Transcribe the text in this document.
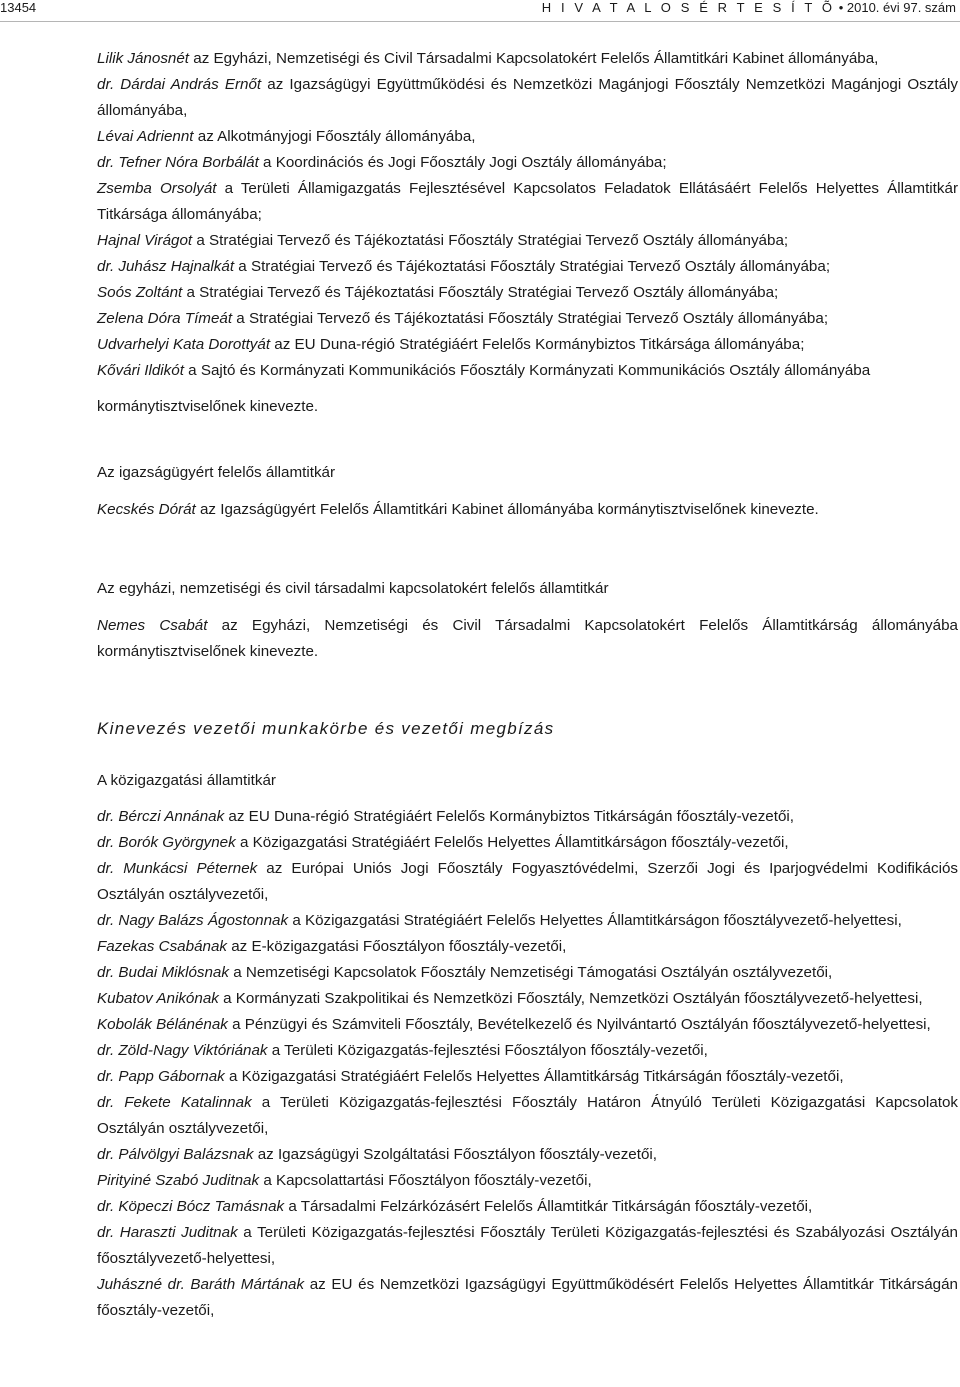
13454	H I V A T A L O S É R T E S Í T Õ • 2010. évi 97. szám

Lilik Jánosnét az Egyházi, Nemzetiségi és Civil Társadalmi Kapcsolatokért Felelős Államtitkári Kabinet állományába,

dr. Dárdai András Ernőt az Igazságügyi Együttműködési és Nemzetközi Magánjogi Főosztály Nemzetközi Magánjogi Osztály állományába,

Lévai Adriennt az Alkotmányjogi Főosztály állományába,

dr. Tefner Nóra Borbálát a Koordinációs és Jogi Főosztály Jogi Osztály állományába;

Zsemba Orsolyát a Területi Államigazgatás Fejlesztésével Kapcsolatos Feladatok Ellátásáért Felelős Helyettes Államtitkár Titkársága állományába;

Hajnal Virágot a Stratégiai Tervező és Tájékoztatási Főosztály Stratégiai Tervező Osztály állományába;

dr. Juhász Hajnalkát a Stratégiai Tervező és Tájékoztatási Főosztály Stratégiai Tervező Osztály állományába;

Soós Zoltánt a Stratégiai Tervező és Tájékoztatási Főosztály Stratégiai Tervező Osztály állományába;

Zelena Dóra Tímeát a Stratégiai Tervező és Tájékoztatási Főosztály Stratégiai Tervező Osztály állományába;

Udvarhelyi Kata Dorottyát az EU Duna-régió Stratégiáért Felelős Kormánybiztos Titkársága állományába;

Kővári Ildikót a Sajtó és Kormányzati Kommunikációs Főosztály Kormányzati Kommunikációs Osztály állományába

kormánytisztviselőnek kinevezte.

Az igazságügyért felelős államtitkár

Kecskés Dórát az Igazságügyért Felelős Államtitkári Kabinet állományába kormánytisztviselőnek kinevezte.

Az egyházi, nemzetiségi és civil társadalmi kapcsolatokért felelős államtitkár

Nemes Csabát az Egyházi, Nemzetiségi és Civil Társadalmi Kapcsolatokért Felelős Államtitkárság állományába kormánytisztviselőnek kinevezte.

Kinevezés vezetői munkakörbe és vezetői megbízás

A közigazgatási államtitkár

dr. Bérczi Annának az EU Duna-régió Stratégiáért Felelős Kormánybiztos Titkárságán főosztály-vezetői,

dr. Borók Györgynek a Közigazgatási Stratégiáért Felelős Helyettes Államtitkárságon főosztály-vezetői,

dr. Munkácsi Péternek az Európai Uniós Jogi Főosztály Fogyasztóvédelmi, Szerzői Jogi és Iparjogvédelmi Kodifikációs Osztályán osztályvezetői,

dr. Nagy Balázs Ágostonnak a Közigazgatási Stratégiáért Felelős Helyettes Államtitkárságon főosztályvezető-helyettesi,

Fazekas Csabának az E-közigazgatási Főosztályon főosztály-vezetői,

dr. Budai Miklósnak a Nemzetiségi Kapcsolatok Főosztály Nemzetiségi Támogatási Osztályán osztályvezetői,

Kubatov Anikónak a Kormányzati Szakpolitikai és Nemzetközi Főosztály, Nemzetközi Osztályán főosztályvezető-helyettesi,

Kobolák Bélánénak a Pénzügyi és Számviteli Főosztály, Bevételkezelő és Nyilvántartó Osztályán főosztályvezető-helyettesi,

dr. Zöld-Nagy Viktóriának a Területi Közigazgatás-fejlesztési Főosztályon főosztály-vezetői,

dr. Papp Gábornak a Közigazgatási Stratégiáért Felelős Helyettes Államtitkárság Titkárságán főosztály-vezetői,

dr. Fekete Katalinnak a Területi Közigazgatás-fejlesztési Főosztály Határon Átnyúló Területi Közigazgatási Kapcsolatok Osztályán osztályvezetői,

dr. Pálvölgyi Balázsnak az Igazságügyi Szolgáltatási Főosztályon főosztály-vezetői,

Pirityiné Szabó Juditnak a Kapcsolattartási Főosztályon főosztály-vezetői,

dr. Köpeczi Bócz Tamásnak a Társadalmi Felzárkózásért Felelős Államtitkár Titkárságán főosztály-vezetői,

dr. Haraszti Juditnak a Területi Közigazgatás-fejlesztési Főosztály Területi Közigazgatás-fejlesztési és Szabályozási Osztályán főosztályvezető-helyettesi,

Juhászné dr. Baráth Mártának az EU és Nemzetközi Igazságügyi Együttműködésért Felelős Helyettes Államtitkár Titkárságán főosztály-vezetői,
